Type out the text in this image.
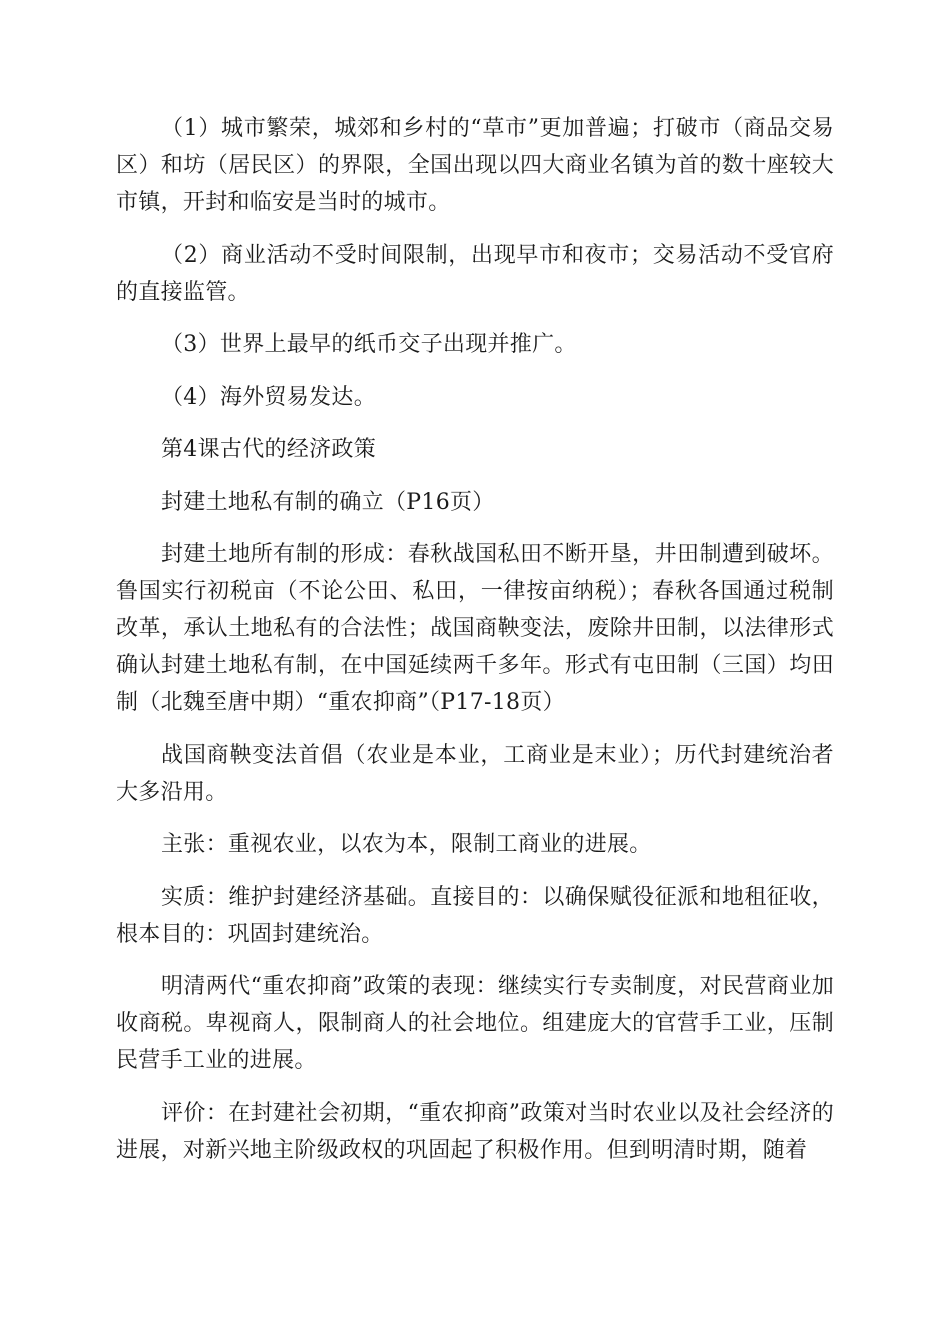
（1）城市繁荣，城郊和乡村的“草市”更加普遍；打破市（商品交易区）和坊（居民区）的界限，全国出现以四大商业名镇为首的数十座较大市镇，开封和临安是当时的城市。

（2）商业活动不受时间限制，出现早市和夜市；交易活动不受官府的直接监管。

（3）世界上最早的纸币交子出现并推广。

（4）海外贸易发达。

第4课古代的经济政策

封建土地私有制的确立（P16页）

封建土地所有制的形成：春秋战国私田不断开垦，井田制遭到破坏。鲁国实行初税亩（不论公田、私田，一律按亩纳税）；春秋各国通过税制改革，承认土地私有的合法性；战国商鞅变法，废除井田制，以法律形式确认封建土地私有制，在中国延续两千多年。形式有屯田制（三国）均田制（北魏至唐中期）“重农抑商”（P17-18页）

战国商鞅变法首倡（农业是本业，工商业是末业）；历代封建统治者大多沿用。

主张：重视农业，以农为本，限制工商业的进展。

实质：维护封建经济基础。直接目的：以确保赋役征派和地租征收，根本目的：巩固封建统治。

明清两代“重农抑商”政策的表现：继续实行专卖制度，对民营商业加收商税。卑视商人，限制商人的社会地位。组建庞大的官营手工业，压制民营手工业的进展。

评价：在封建社会初期，“重农抑商”政策对当时农业以及社会经济的进展，对新兴地主阶级政权的巩固起了积极作用。但到明清时期，随着
